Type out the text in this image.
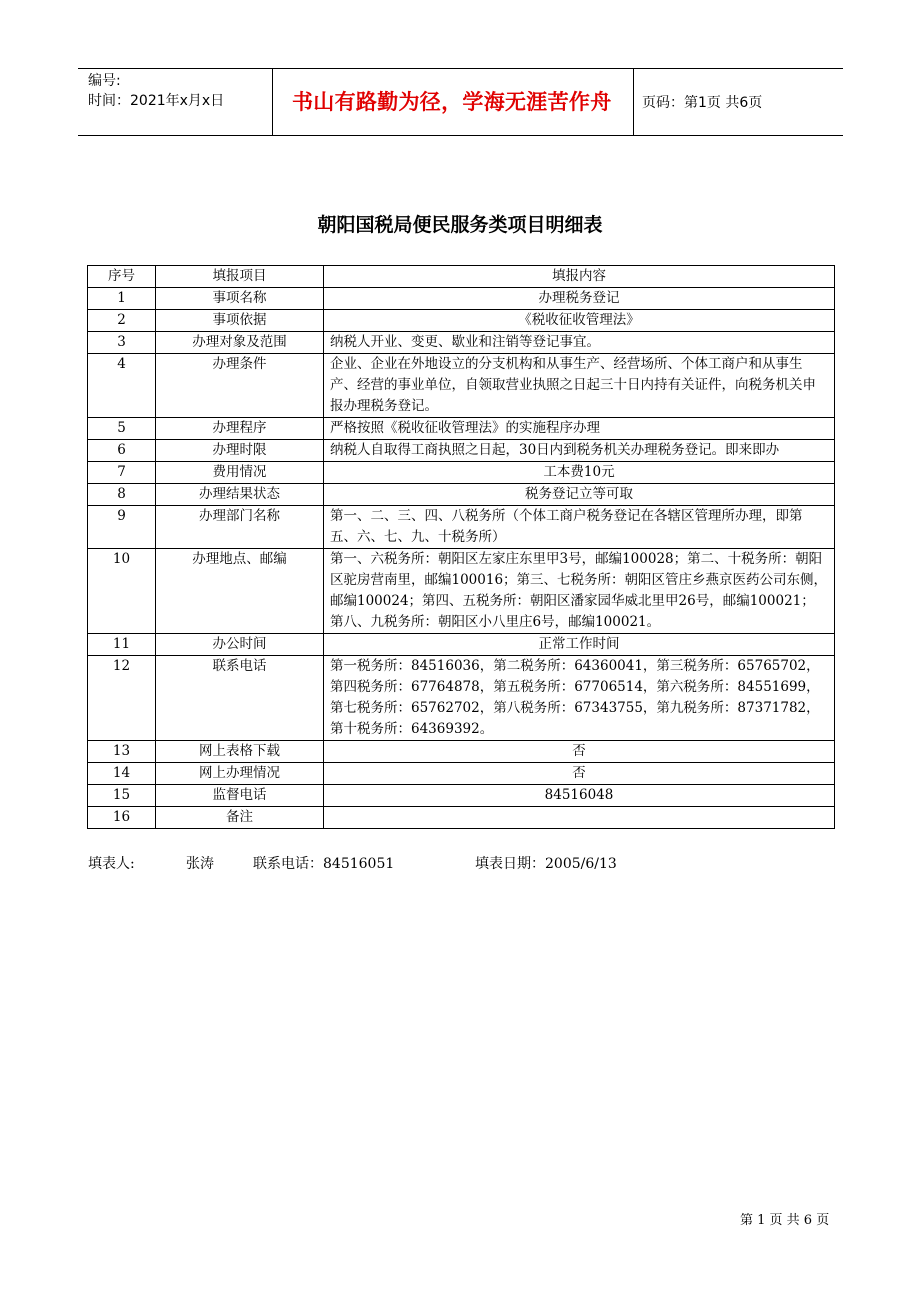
编号:
时间：2021年x月x日	书山有路勤为径，学海无涯苦作舟 页码：第1页 共6页
朝阳国税局便民服务类项目明细表
序号	填报项目	填报内容
1	事项名称	办理税务登记
2	事项依据	《税收征收管理法》
3	办理对象及范围	纳税人开业、变更、歇业和注销等登记事宜。
4	办理条件	企业、企业在外地设立的分支机构和从事生产、经营场所、个体工商户和从事生产、经营的事业单位，自领取营业执照之日起三十日内持有关证件，向税务机关申报办理税务登记。
5	办理程序	严格按照《税收征收管理法》的实施程序办理
6	办理时限	纳税人自取得工商执照之日起，30日内到税务机关办理税务登记。即来即办
7	费用情况	工本费10元
8	办理结果状态	税务登记立等可取
9	办理部门名称	第一、二、三、四、八税务所（个体工商户税务登记在各辖区管理所办理，即第五、六、七、九、十税务所）
10	办理地点、邮编	第一、六税务所：朝阳区左家庄东里甲3号，邮编100028；第二、十税务所：朝阳区驼房营南里，邮编100016；第三、七税务所：朝阳区管庄乡燕京医药公司东侧，邮编100024；第四、五税务所：朝阳区潘家园华威北里甲26号，邮编100021；第八、九税务所：朝阳区小八里庄6号，邮编100021。
11	办公时间	正常工作时间
12	联系电话	第一税务所：84516036，第二税务所：64360041，第三税务所：65765702，第四税务所：67764878，第五税务所：67706514，第六税务所：84551699，第七税务所：65762702，第八税务所：67343755，第九税务所：87371782，第十税务所：64369392。
13	网上表格下载	否
14	网上办理情况	否
15	监督电话	84516048
16	备注	
填表人:	张涛	联系电话：84516051	填表日期：2005/6/13
第 1 页 共 6 页
